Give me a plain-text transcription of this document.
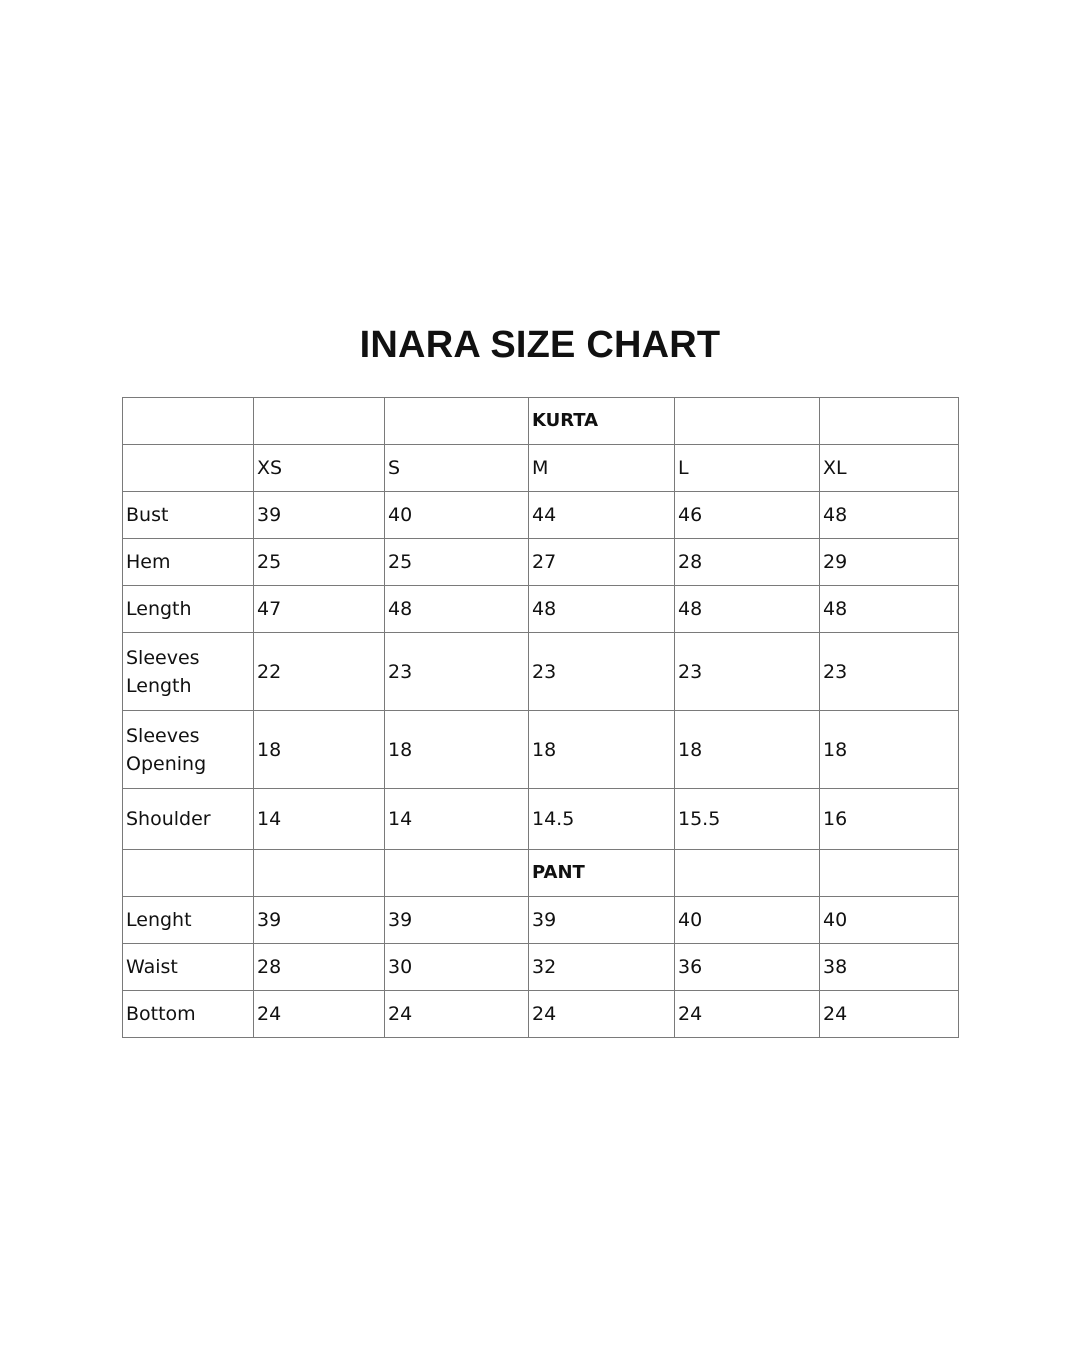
INARA SIZE CHART
			KURTA		
	XS	S	M	L	XL
Bust	39	40	44	46	48
Hem	25	25	27	28	29
Length	47	48	48	48	48
Sleeves Length	22	23	23	23	23
Sleeves Opening	18	18	18	18	18
Shoulder	14	14	14.5	15.5	16
			PANT		
Lenght	39	39	39	40	40
Waist	28	30	32	36	38
Bottom	24	24	24	24	24
